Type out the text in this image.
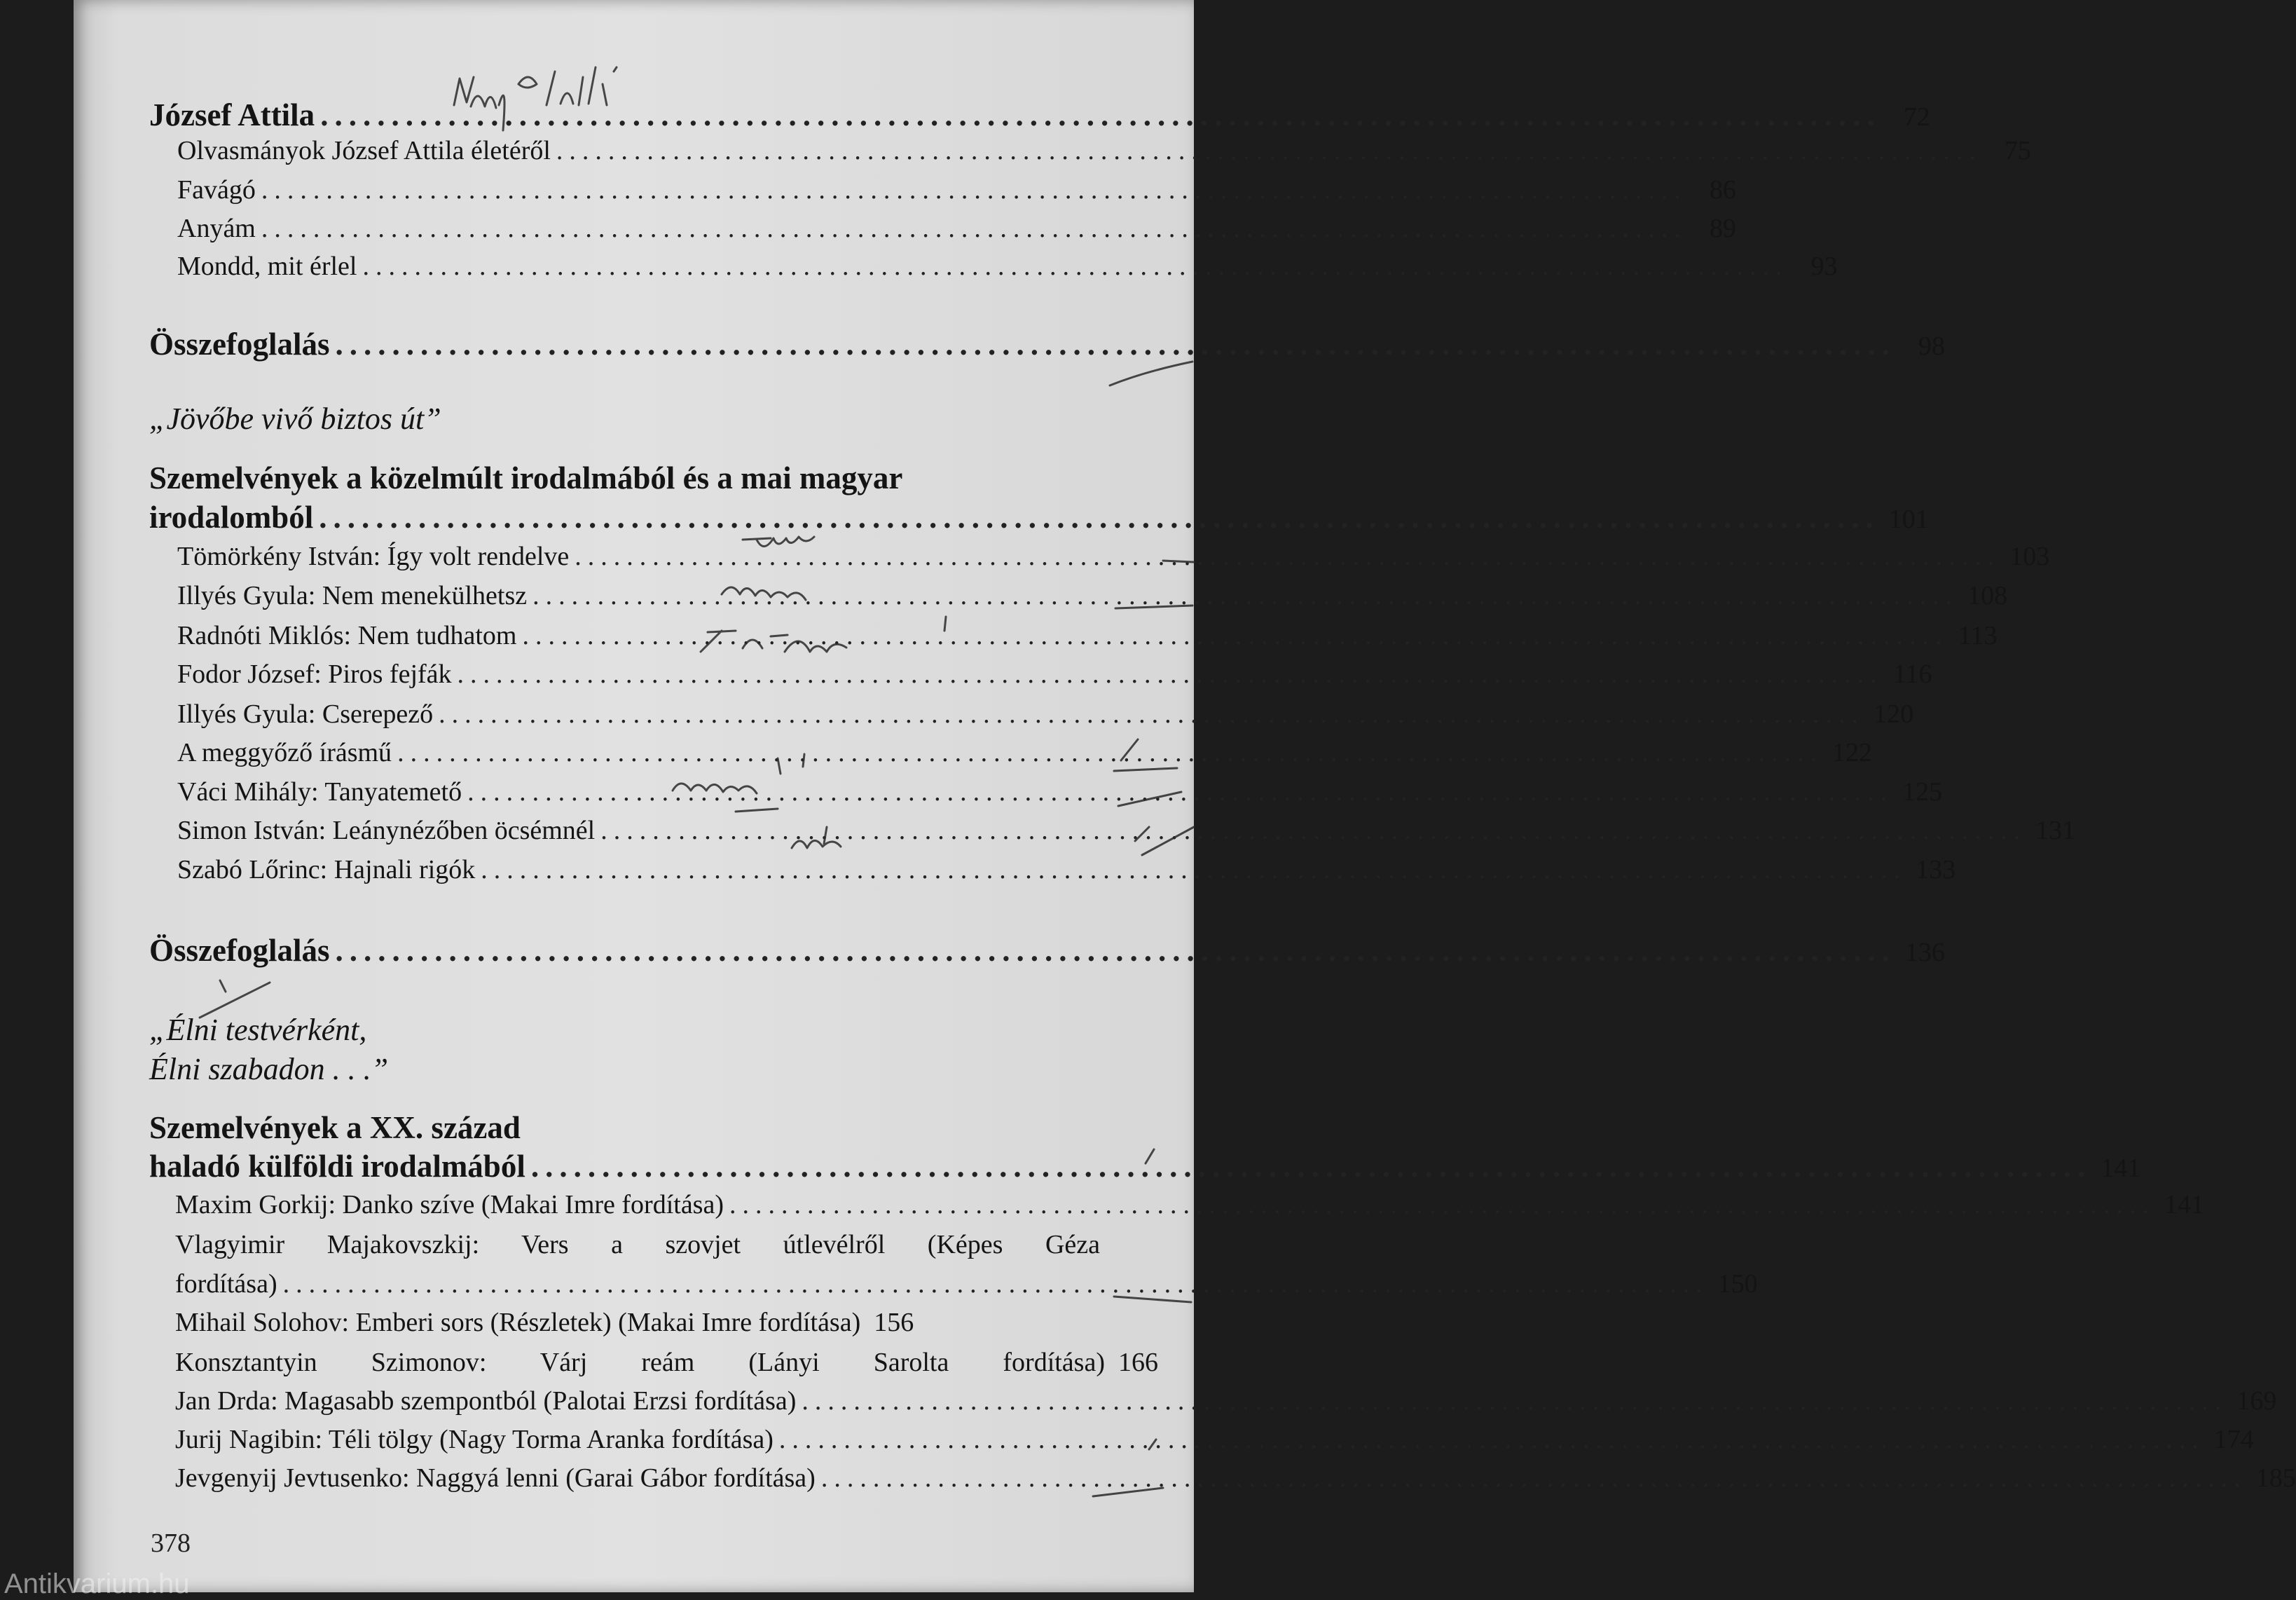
József Attila .............................................................................................................. 72
Olvasmányok József Attila életéről .............................................................................................................. 75
Favágó .............................................................................................................. 86
Anyám .............................................................................................................. 89
Mondd, mit érlel .............................................................................................................. 93
Összefoglalás .............................................................................................................. 98
„Jövőbe vivő biztos út”
Szemelvények a közelmúlt irodalmából és a mai magyar
irodalomból .............................................................................................................. 101
Tömörkény István: Így volt rendelve .............................................................................................................. 103
Illyés Gyula: Nem menekülhetsz .............................................................................................................. 108
Radnóti Miklós: Nem tudhatom .............................................................................................................. 113
Fodor József: Piros fejfák .............................................................................................................. 116
Illyés Gyula: Cserepező .............................................................................................................. 120
A meggyőző írásmű .............................................................................................................. 122
Váci Mihály: Tanyatemető .............................................................................................................. 125
Simon István: Leánynézőben öcsémnél .............................................................................................................. 131
Szabó Lőrinc: Hajnali rigók .............................................................................................................. 133
Összefoglalás .............................................................................................................. 136
„Élni testvérként,
Élni szabadon . . .”
Szemelvények a XX. század
haladó külföldi irodalmából .............................................................................................................. 141
Maxim Gorkij: Danko szíve (Makai Imre fordítása) .............................................................................................................. 141
Vlagyimir Majakovszkij: Vers a szovjet útlevélről (Képes Géza
fordítása) .............................................................................................................. 150
Mihail Solohov: Emberi sors (Részletek) (Makai Imre fordítása) 156
Konsztantyin Szimonov: Várj reám (Lányi Sarolta fordítása) 166
Jan Drda: Magasabb szempontból (Palotai Erzsi fordítása) .............................................................................................................. 169
Jurij Nagibin: Téli tölgy (Nagy Torma Aranka fordítása) .............................................................................................................. 174
Jevgenyij Jevtusenko: Naggyá lenni (Garai Gábor fordítása) .............................................................................................................. 185
378
Antikvarium.hu
